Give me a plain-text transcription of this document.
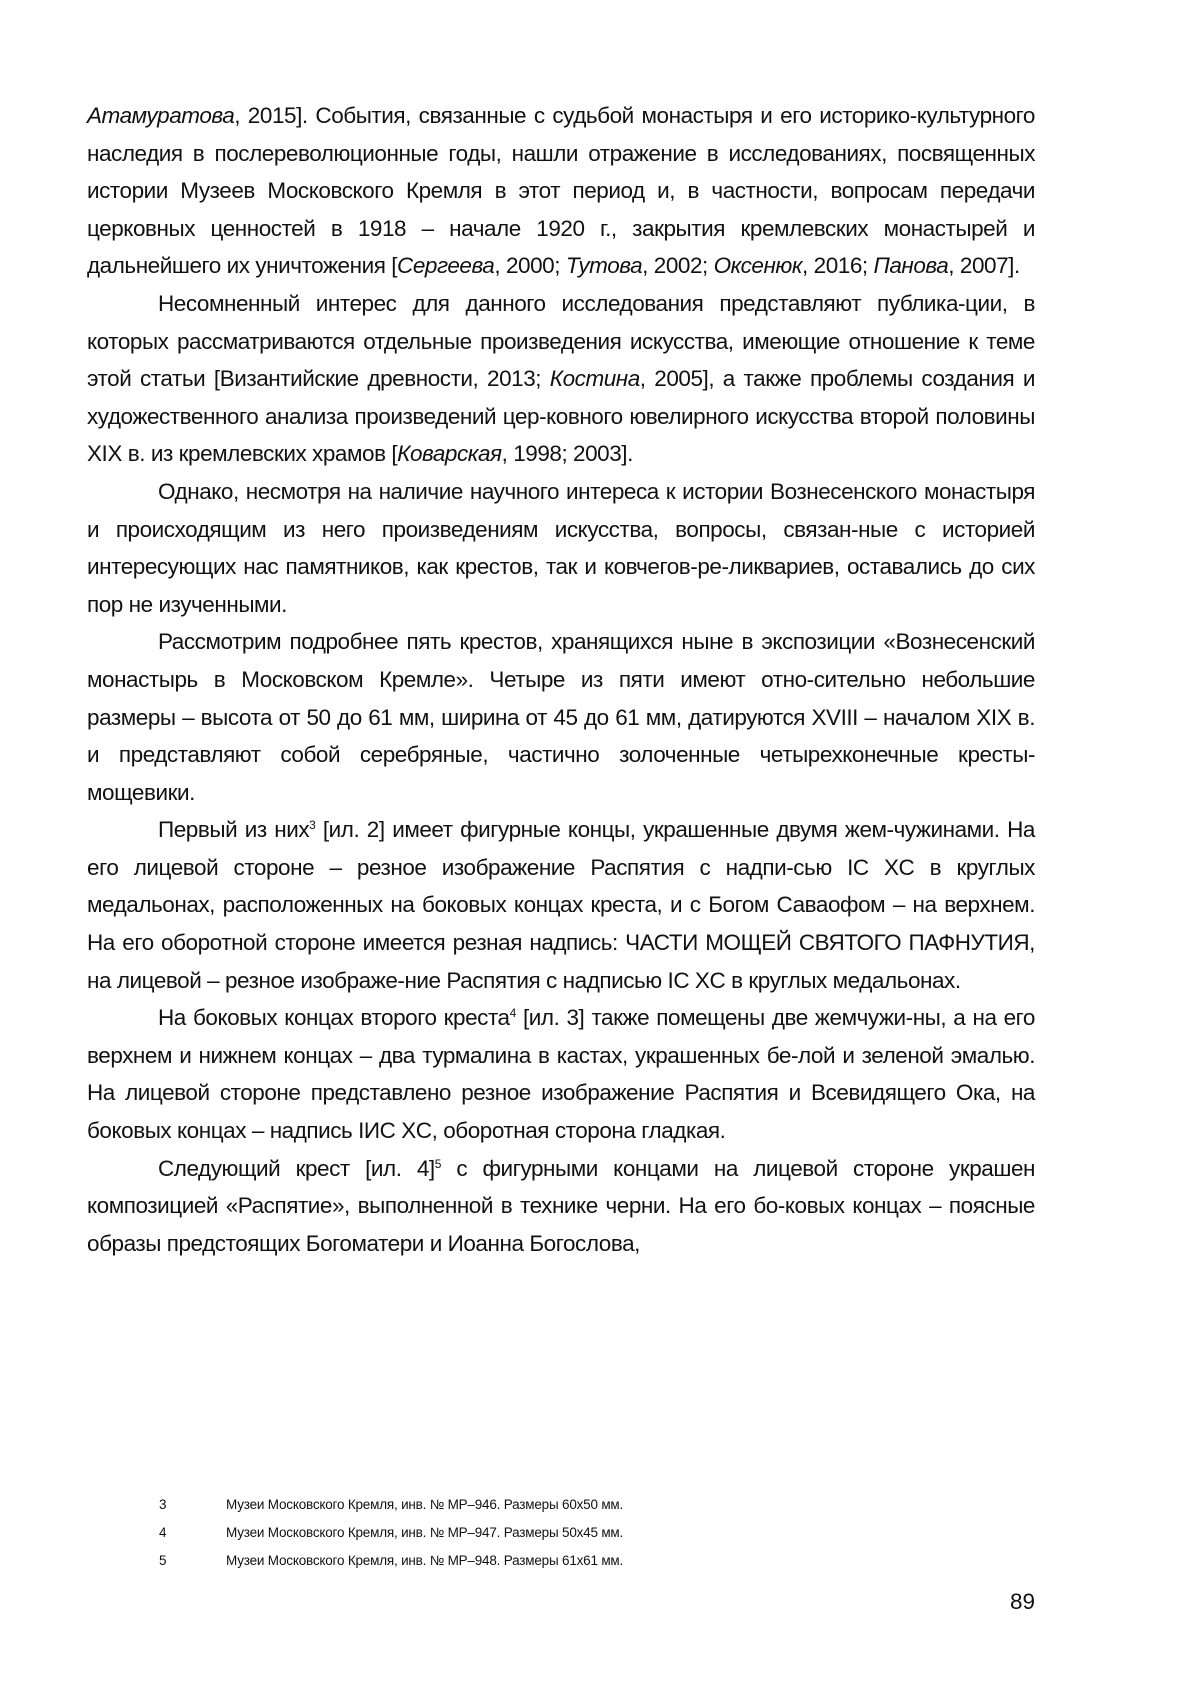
Атамуратова, 2015]. События, связанные с судьбой монастыря и его историко-культурного наследия в послереволюционные годы, нашли отражение в исследованиях, посвященных истории Музеев Московского Кремля в этот период и, в частности, вопросам передачи церковных ценностей в 1918 – начале 1920 г., закрытия кремлевских монастырей и дальнейшего их уничтожения [Сергеева, 2000; Тутова, 2002; Оксенюк, 2016; Панова, 2007].

Несомненный интерес для данного исследования представляют публика-ции, в которых рассматриваются отдельные произведения искусства, имеющие отношение к теме этой статьи [Византийские древности, 2013; Костина, 2005], а также проблемы создания и художественного анализа произведений цер-ковного ювелирного искусства второй половины XIX в. из кремлевских храмов [Коварская, 1998; 2003].

Однако, несмотря на наличие научного интереса к истории Вознесенского монастыря и происходящим из него произведениям искусства, вопросы, связан-ные с историей интересующих нас памятников, как крестов, так и ковчегов-ре-ликвариев, оставались до сих пор не изученными.

Рассмотрим подробнее пять крестов, хранящихся ныне в экспозиции «Вознесенский монастырь в Московском Кремле». Четыре из пяти имеют отно-сительно небольшие размеры – высота от 50 до 61 мм, ширина от 45 до 61 мм, датируются XVIII – началом XIX в. и представляют собой серебряные, частично золоченные четырехконечные кресты-мощевики.

Первый из них$^3$ [ил. 2] имеет фигурные концы, украшенные двумя жем-чужинами. На его лицевой стороне – резное изображение Распятия с надпи-сью IC XC в круглых медальонах, расположенных на боковых концах креста, и с Богом Саваофом – на верхнем. На его оборотной стороне имеется резная надпись: ЧАСТИ МОЩЕЙ СВЯТОГО ПАФНУТИЯ, на лицевой – резное изображе-ние Распятия с надписью IC XC в круглых медальонах.

На боковых концах второго креста$^4$ [ил. 3] также помещены две жемчужи-ны, а на его верхнем и нижнем концах – два турмалина в кастах, украшенных бе-лой и зеленой эмалью. На лицевой стороне представлено резное изображение Распятия и Всевидящего Ока, на боковых концах – надпись IИС XC, оборотная сторона гладкая.

Следующий крест [ил. 4]$^5$ с фигурными концами на лицевой стороне украшен композицией «Распятие», выполненной в технике черни. На его бо-ковых концах – поясные образы предстоящих Богоматери и Иоанна Богослова,

3	Музеи Московского Кремля, инв. № МР–946. Размеры 60х50 мм.
4	Музеи Московского Кремля, инв. № МР–947. Размеры 50х45 мм.
5	Музеи Московского Кремля, инв. № МР–948. Размеры 61х61 мм.
89
